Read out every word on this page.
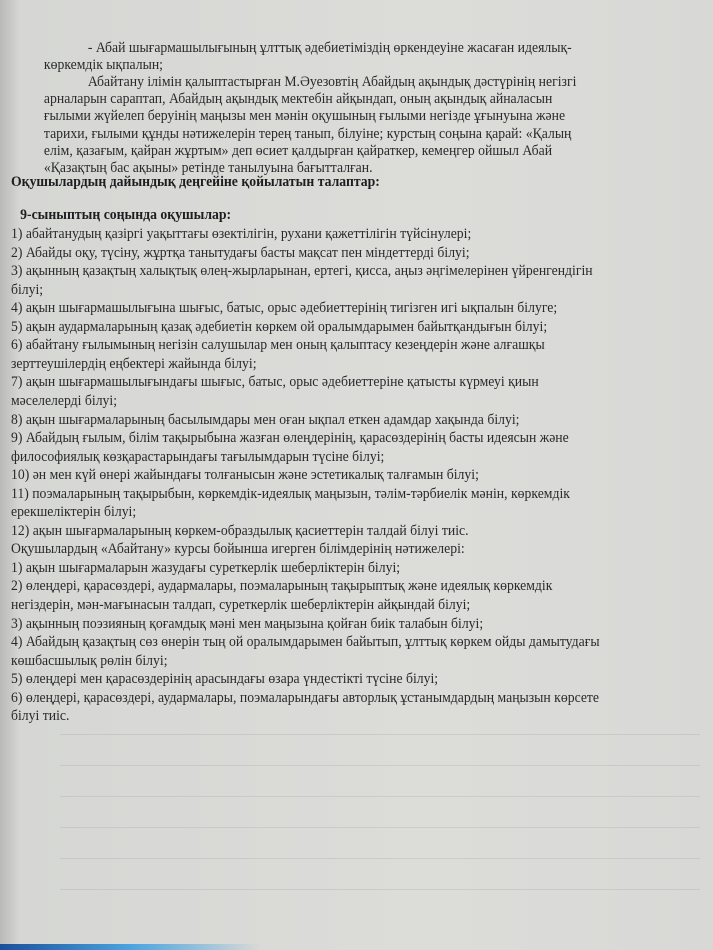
- Абай шығармашылығының ұлттық әдебиетіміздің өркендеуіне жасаған идеялық-
көркемдік ықпалын;
Абайтану ілімін қалыптастырған М.Әуезовтің Абайдың ақындық дәстүрінің негізгі
арналарын сараптап, Абайдың ақындық мектебін айқындап, оның ақындық айналасын
ғылыми жүйелеп беруінің маңызы мен мәнін оқушының ғылыми негізде ұғынуына және
тарихи, ғылыми құнды нәтижелерін терең танып, білуіне; курстың соңына қарай: «Қалың
елім, қазағым, қайран жұртым» деп өсиет қалдырған қайраткер, кемеңгер ойшыл Абай
«Қазақтың бас ақыны» ретінде танылуына бағытталған.
Оқушылардың дайындық деңгейіне қойылатын талаптар:
9-сыныптың соңында оқушылар:
1) абайтанудың қазіргі уақыттағы өзектілігін, рухани қажеттілігін түйсінулері;
2) Абайды оқу, түсіну, жұртқа танытудағы басты мақсат пен міндеттерді білуі;
3) ақынның қазақтың халықтық өлең-жырларынан, ертегі, қисса, аңыз әңгімелерінен үйренгендігін
білуі;
4) ақын шығармашылығына шығыс, батыс, орыс әдебиеттерінің тигізген игі ықпалын білуге;
5) ақын аудармаларының қазақ әдебиетін көркем ой оралымдарымен байытқандығын білуі;
6) абайтану ғылымының негізін салушылар мен оның қалыптасу кезеңдерін және алғашқы
зерттеушілердің еңбектері жайында білуі;
7) ақын шығармашылығындағы шығыс, батыс, орыс әдебиеттеріне қатысты күрмеуі қиын
мәселелерді білуі;
8) ақын шығармаларының басылымдары мен оған ықпал еткен адамдар хақында білуі;
9) Абайдың ғылым, білім тақырыбына жазған өлеңдерінің, қарасөздерінің басты идеясын және
философиялық көзқарастарындағы тағылымдарын түсіне білуі;
10) ән мен күй өнері жайындағы толғанысын және эстетикалық талғамын білуі;
11) поэмаларының тақырыбын, көркемдік-идеялық маңызын, тәлім-тәрбиелік мәнін, көркемдік
ерекшеліктерін білуі;
12) ақын шығармаларының көркем-образдылық қасиеттерін талдай білуі тиіс.
Оқушылардың «Абайтану» курсы бойынша игерген білімдерінің нәтижелері:
1) ақын шығармаларын жазудағы суреткерлік шеберліктерін білуі;
2) өлеңдері, қарасөздері, аудармалары, поэмаларының тақырыптық және идеялық көркемдік
негіздерін, мән-мағынасын талдап, суреткерлік шеберліктерін айқындай білуі;
3) ақынның поэзияның қоғамдық мәні мен маңызына қойған биік талабын білуі;
4) Абайдың қазақтың сөз өнерін тың ой оралымдарымен байытып, ұлттық көркем ойды дамытудағы
көшбасшылық рөлін білуі;
5) өлеңдері мен қарасөздерінің арасындағы өзара үндестікті түсіне білуі;
6) өлеңдері, қарасөздері, аудармалары, поэмаларындағы авторлық ұстанымдардың маңызын көрсете
білуі тиіс.
